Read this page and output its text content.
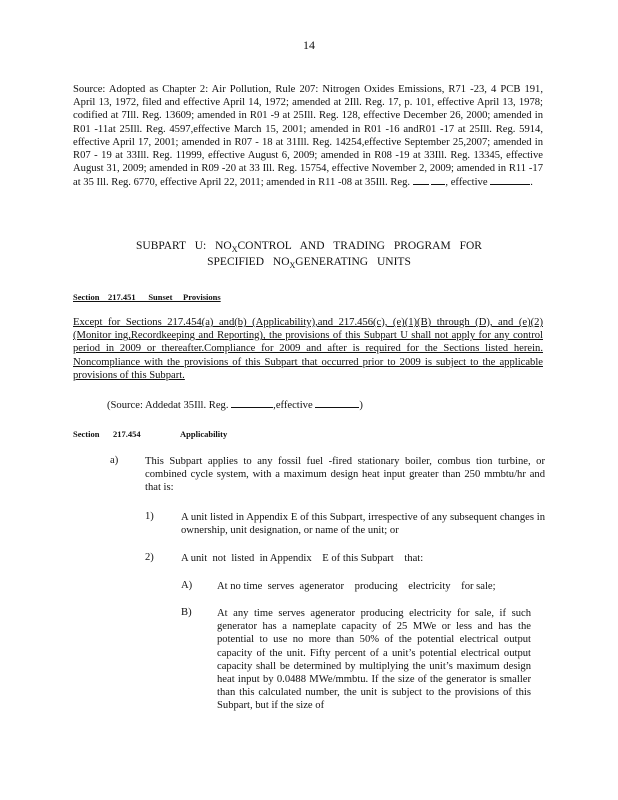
14
Source: Adopted as Chapter 2: Air Pollution, Rule 207: Nitrogen Oxides Emissions, R71 -23, 4 PCB 191, April 13, 1972, filed and effective April 14, 1972; amended at 2Ill. Reg. 17, p. 101, effective April 13, 1978; codified at 7Ill. Reg. 13609; amended in R01 -9 at 25Ill. Reg. 128, effective December 26, 2000; amended in R01 -11at 25Ill. Reg. 4597,effective March 15, 2001; amended in R01 -16 andR01 -17 at 25Ill. Reg. 5914, effective April 17, 2001; amended in R07 - 18 at 31Ill. Reg. 14254,effective September 25,2007; amended in R07 - 19 at 33Ill. Reg. 11999, effective August 6, 2009; amended in R08 -19 at 33Ill. Reg. 13345, effective August 31, 2009; amended in R09 -20 at 33 Ill. Reg. 15754, effective November 2, 2009; amended in R11 -17 at 35 Ill. Reg. 6770, effective April 22, 2011; amended in R11 -08 at 35Ill. Reg.	, effective	.
SUBPART U: $NO_XCONTROL$ AND TRADING PROGRAM FOR
SPECIFIED $NO_XGENERATING$ UNITS
Section    217.451      Sunset     Provisions
Except for Sections 217.454(a) and(b) (Applicability),and 217.456(c), (e)(1)(B) through (D), and (e)(2) (Monitor ing,Recordkeeping and Reporting), the provisions of this Subpart U shall not apply for any control period in 2009 or thereafter.Compliance for 2009 and after is required for the Sections listed herein. Noncompliance with the provisions of this Subpart that occurred prior to 2009 is subject to the applicable provisions of this Subpart.
(Source: Addedat 35Ill. Reg.	,effective	)
Section 217.454	Applicability
a)	This Subpart applies to any fossil fuel -fired stationary boiler, combus tion turbine, or combined cycle system, with a maximum design heat input greater than 250 mmbtu/hr and that is:
1)	A unit listed in Appendix E of this Subpart, irrespective of any subsequent changes in ownership, unit designation, or name of the unit; or
2)	A unit  not  listed  in Appendix    E of this Subpart    that:
A) At no time  serves  agenerator    producing    electricity    for sale;
B) At any time serves agenerator producing electricity for sale, if such generator has a nameplate capacity of 25 MWe or less and has the potential to use no more than 50% of the potential electrical output capacity of the unit. Fifty percent of a unit’s potential electrical output capacity shall be determined by multiplying the unit’s maximum design heat input by 0.0488 MWe/mmbtu. If the size of the generator is smaller than this calculated number, the unit is subject to the provisions of this Subpart, but if the size of
